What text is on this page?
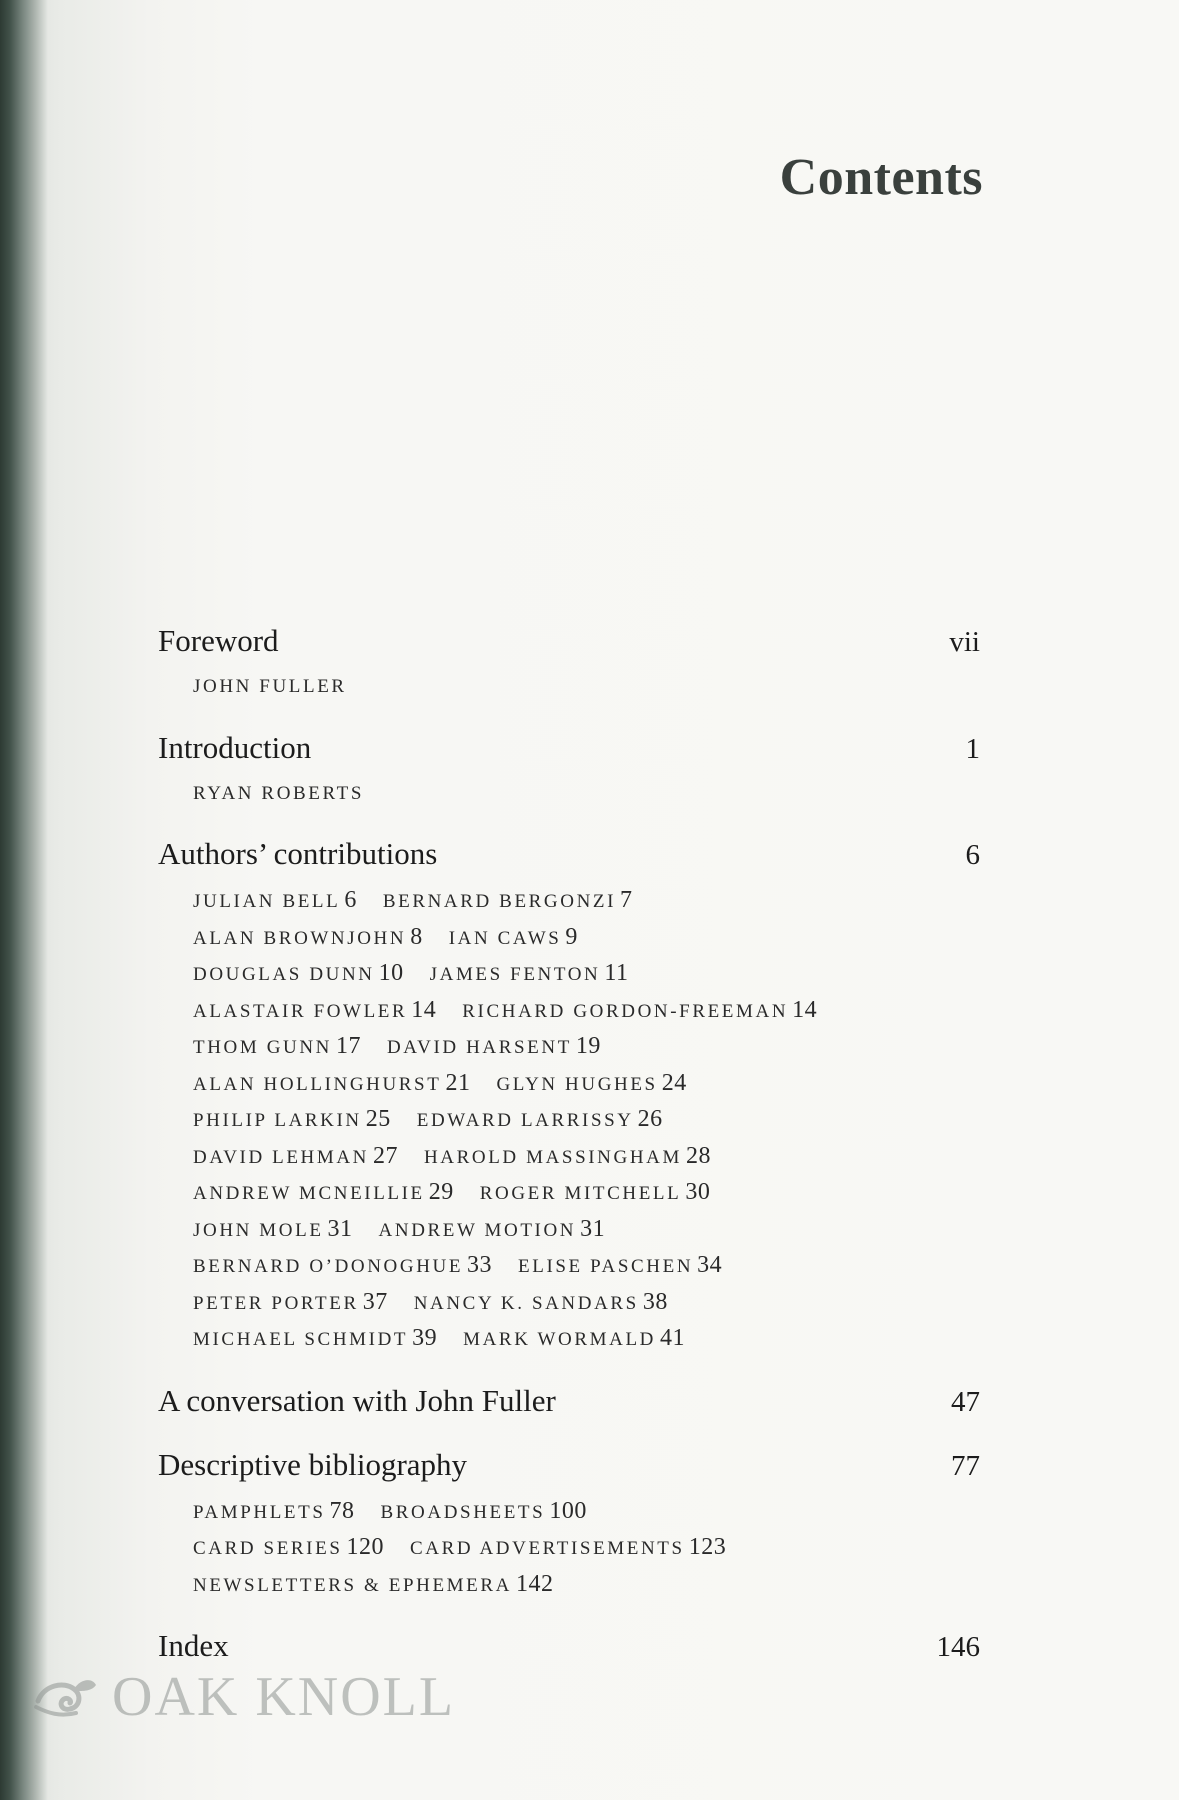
Contents
Foreword	vii
JOHN FULLER
Introduction	1
RYAN ROBERTS
Authors’ contributions	6
JULIAN BELL 6 BERNARD BERGONZI 7
ALAN BROWNJOHN 8 IAN CAWS 9
DOUGLAS DUNN 10 JAMES FENTON 11
ALASTAIR FOWLER 14 RICHARD GORDON-FREEMAN 14
THOM GUNN 17 DAVID HARSENT 19
ALAN HOLLINGHURST 21 GLYN HUGHES 24
PHILIP LARKIN 25 EDWARD LARRISSY 26
DAVID LEHMAN 27 HAROLD MASSINGHAM 28
ANDREW MCNEILLIE 29 ROGER MITCHELL 30
JOHN MOLE 31 ANDREW MOTION 31
BERNARD O’DONOGHUE 33 ELISE PASCHEN 34
PETER PORTER 37 NANCY K. SANDARS 38
MICHAEL SCHMIDT 39 MARK WORMALD 41
A conversation with John Fuller	47
Descriptive bibliography	77
PAMPHLETS 78 BROADSHEETS 100
CARD SERIES 120 CARD ADVERTISEMENTS 123
NEWSLETTERS & EPHEMERA 142
Index	146
OAK KNOLL
